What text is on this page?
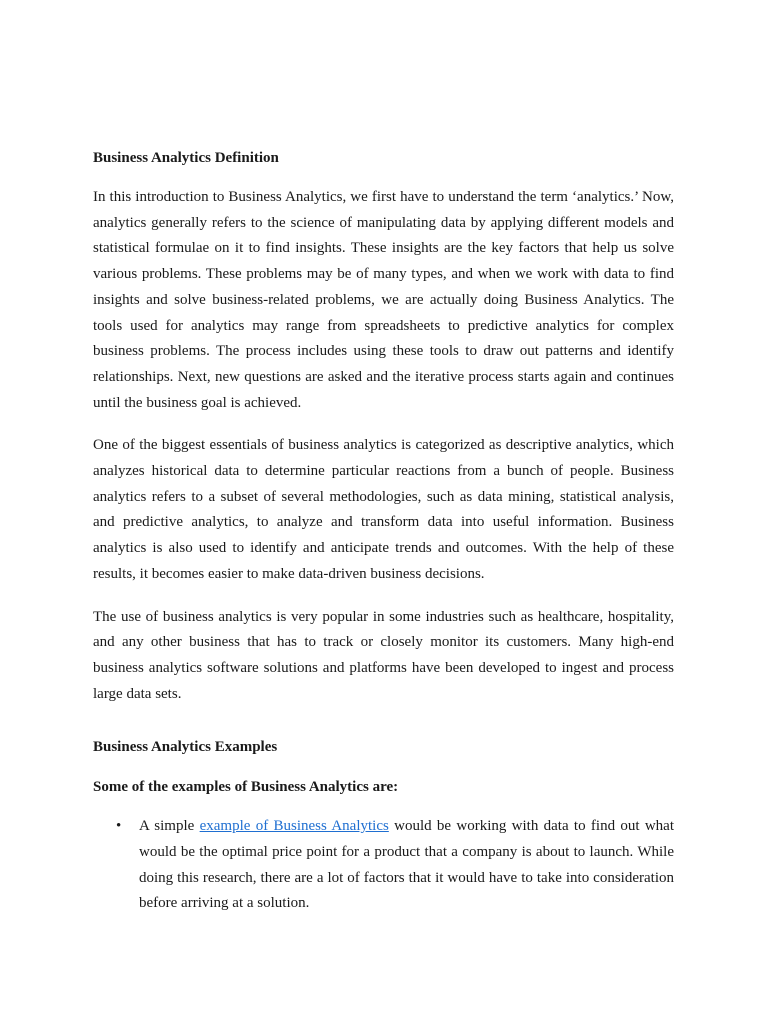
Business Analytics Definition

In this introduction to Business Analytics, we first have to understand the term ‘analytics.’ Now, analytics generally refers to the science of manipulating data by applying different models and statistical formulae on it to find insights. These insights are the key factors that help us solve various problems. These problems may be of many types, and when we work with data to find insights and solve business-related problems, we are actually doing Business Analytics. The tools used for analytics may range from spreadsheets to predictive analytics for complex business problems. The process includes using these tools to draw out patterns and identify relationships. Next, new questions are asked and the iterative process starts again and continues until the business goal is achieved.

One of the biggest essentials of business analytics is categorized as descriptive analytics, which analyzes historical data to determine particular reactions from a bunch of people. Business analytics refers to a subset of several methodologies, such as data mining, statistical analysis, and predictive analytics, to analyze and transform data into useful information. Business analytics is also used to identify and anticipate trends and outcomes. With the help of these results, it becomes easier to make data-driven business decisions.

The use of business analytics is very popular in some industries such as healthcare, hospitality, and any other business that has to track or closely monitor its customers. Many high-end business analytics software solutions and platforms have been developed to ingest and process large data sets.

Business Analytics Examples
Some of the examples of Business Analytics are:
• A simple example of Business Analytics would be working with data to find out what would be the optimal price point for a product that a company is about to launch. While doing this research, there are a lot of factors that it would have to take into consideration before arriving at a solution.
